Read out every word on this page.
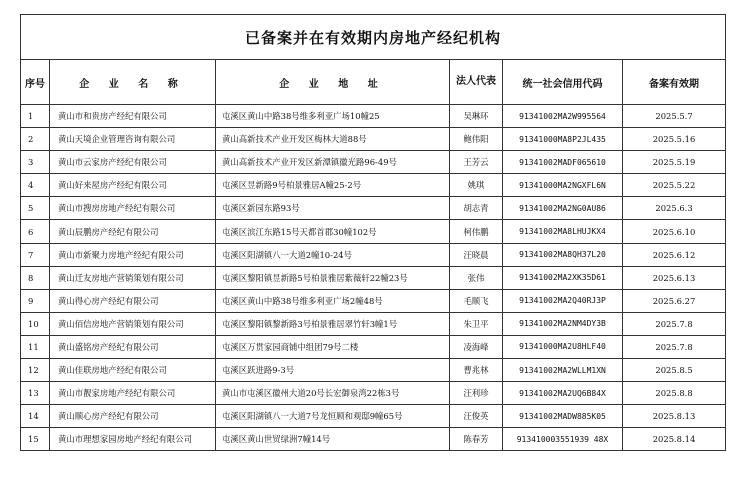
已备案并在有效期内房地产经纪机构					
序号	企 业 名 称	企 业 地 址	法人代表	统一社会信用代码	备案有效期
1	黄山市和贵房产经纪有限公司	屯溪区黄山中路38号维多利亚广场10幢25	吴琳环	91341002MA2W995564	2025.5.7
2	黄山天境企业管理咨询有限公司	黄山高新技术产业开发区梅林大道88号	鲍伟阳	91341000MA8P2JL435	2025.5.16
3	黄山市云家房产经纪有限公司	黄山高新技术产业开发区新潭镇徽光路96-49号	王芳云	91341002MADF065610	2025.5.19
4	黄山好来屋房产经纪有限公司	屯溪区昱新路9号柏景雅居A幢25-2号	姚琪	91341000MA2NGXFL6N	2025.5.22
5	黄山市搜房房地产经纪有限公司	屯溪区新园东路93号	胡志青	91341002MA2NG0AU86	2025.6.3
6	黄山辰鹏房产经纪有限公司	屯溪区滨江东路15号天都首郡30幢102号	柯伟鹏	91341002MA8LHUJKX4	2025.6.10
7	黄山市新聚力房地产经纪有限公司	屯溪区阳湖镇八一大道2幢10-24号	汪晓晨	91341002MA8QH37L20	2025.6.12
8	黄山迁友房地产营销策划有限公司	屯溪区黎阳镇昱新路5号柏景雅居紫薇轩22幢23号	张伟	91341002MA2XK35D61	2025.6.13
9	黄山得心房产经纪有限公司	屯溪区黄山中路38号维多利亚广场2幢48号	毛顺飞	91341002MA2Q40RJ3P	2025.6.27
10	黄山佰信房地产营销策划有限公司	屯溪区黎阳镇黎新路3号柏景雅居翠竹轩3幢1号	朱卫平	91341002MA2NM4DY3B	2025.7.8
11	黄山盛铭房产经纪有限公司	屯溪区万贯家园商铺中组团79号二楼	凌海峰	91341000MA2U8HLF40	2025.7.8
12	黄山佳联房地产经纪有限公司	屯溪区跃进路9-3号	曹兆林	91341002MA2WLLM1XN	2025.8.5
13	黄山市靓家房地产经纪有限公司	黄山市屯溪区徽州大道20号长宏御泉湾22栋3号	汪利珍	91341002MA2UQ6B84X	2025.8.8
14	黄山顺心房产经纪有限公司	屯溪区阳湖镇八一大道7号龙恒顾和观邸9幢65号	汪俊英	91341002MADW885K05	2025.8.13
15	黄山市理想家园房地产经纪有限公司	屯溪区黄山世贸绿洲7幢14号	陈春芳	913410003551939 48X	2025.8.14
